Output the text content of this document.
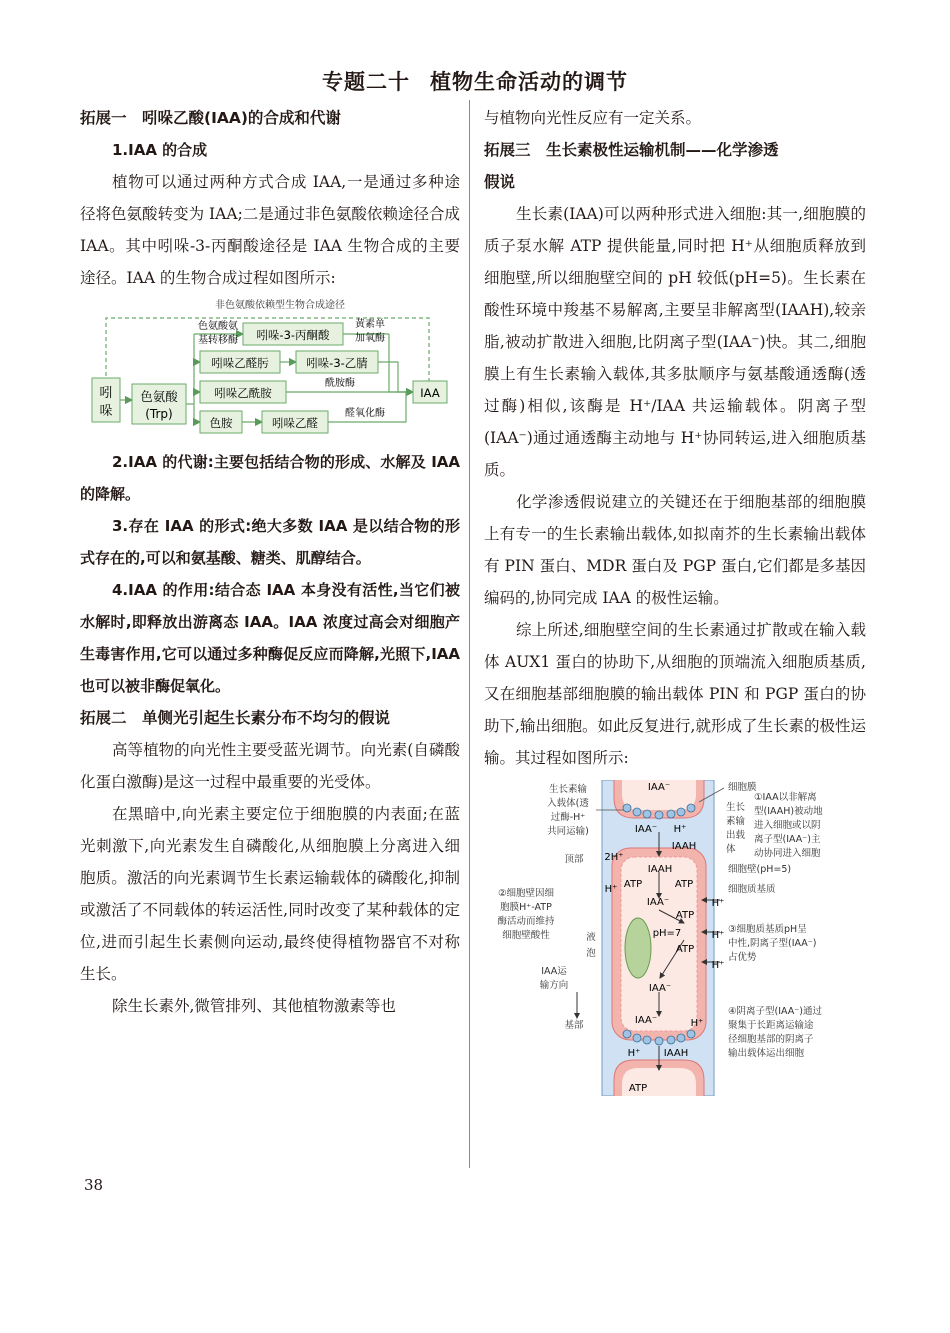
专题二十 植物生命活动的调节

拓展一　吲哚乙酸(IAA)的合成和代谢

1.IAA 的合成

植物可以通过两种方式合成 IAA,一是通过多种途径将色氨酸转变为 IAA;二是通过非色氨酸依赖途径合成 IAA。其中吲哚-3-丙酮酸途径是 IAA 生物合成的主要途径。IAA 的生物合成过程如图所示:

非色氨酸依赖型生物合成途径
吲
哚
色氨酸
(Trp)
色氨酸氨
基转移酶 吲哚-3-丙酮酸
黄素单
加氧酶
吲哚乙醛肟	吲哚-3-乙腈
吲哚乙酰胺
酰胺酶
IAA
色胺	吲哚乙醛
醛氧化酶

2.IAA 的代谢:主要包括结合物的形成、水解及 IAA 的降解。

3.存在 IAA 的形式:绝大多数 IAA 是以结合物的形式存在的,可以和氨基酸、糖类、肌醇结合。

4.IAA 的作用:结合态 IAA 本身没有活性,当它们被水解时,即释放出游离态 IAA。IAA 浓度过高会对细胞产生毒害作用,它可以通过多种酶促反应而降解,光照下,IAA 也可以被非酶促氧化。

拓展二　单侧光引起生长素分布不均匀的假说

高等植物的向光性主要受蓝光调节。向光素(自磷酸化蛋白激酶)是这一过程中最重要的光受体。

在黑暗中,向光素主要定位于细胞膜的内表面;在蓝光刺激下,向光素发生自磷酸化,从细胞膜上分离进入细胞质。激活的向光素调节生长素运输载体的磷酸化,抑制或激活了不同载体的转运活性,同时改变了某种载体的定位,进而引起生长素侧向运动,最终使得植物器官不对称生长。

除生长素外,微管排列、其他植物激素等也

与植物向光性反应有一定关系。

拓展三　生长素极性运输机制——化学渗透
假说

生长素(IAA)可以两种形式进入细胞:其一,细胞膜的质子泵水解 ATP 提供能量,同时把 H⁺从细胞质释放到细胞壁,所以细胞壁空间的 pH 较低(pH=5)。生长素在酸性环境中羧基不易解离,主要呈非解离型(IAAH),较亲脂,被动扩散进入细胞,比阴离子型(IAA⁻)快。其二,细胞膜上有生长素输入载体,其多肽顺序与氨基酸通透酶(透过酶)相似,该酶是 H⁺/IAA 共运输载体。阴离子型(IAA⁻)通过通透酶主动地与 H⁺协同转运,进入细胞质基质。

化学渗透假说建立的关键还在于细胞基部的细胞膜上有专一的生长素输出载体,如拟南芥的生长素输出载体有 PIN 蛋白、MDR 蛋白及 PGP 蛋白,它们都是多基因编码的,协同完成 IAA 的极性运输。

综上所述,细胞壁空间的生长素通过扩散或在输入载体 AUX1 蛋白的协助下,从细胞的顶端流入细胞质基质,又在细胞基部细胞膜的输出载体 PIN 和 PGP 蛋白的协助下,输出细胞。如此反复进行,就形成了生长素的极性运输。其过程如图所示:

IAA⁻
IAA⁻ H⁺
IAAH
2H⁺
IAAH
ATP	ATP
H⁺
IAA⁻
ATP
pH=7
ATP
H⁺
H⁺
H⁺
IAA⁻
IAA⁻	H⁺
H⁺ IAAH
ATP
生长素输
入载体(透
过酶-H⁺
共同运输)
顶部
②细胞壁因细
胞膜H⁺-ATP
酶活动而维持
细胞壁酸性	液
泡
IAA运
输方向
基部
细胞膜
生长
素输
出载
体
①IAA以非解离
型(IAAH)被动地
进入细胞或以阴
离子型(IAA⁻)主
动协同进入细胞
细胞壁(pH=5)
细胞质基质
③细胞质基质pH呈
中性,阴离子型(IAA⁻)
占优势
④阴离子型(IAA⁻)通过
聚集于长距离运输途
径细胞基部的阴离子
输出载体运出细胞
38
